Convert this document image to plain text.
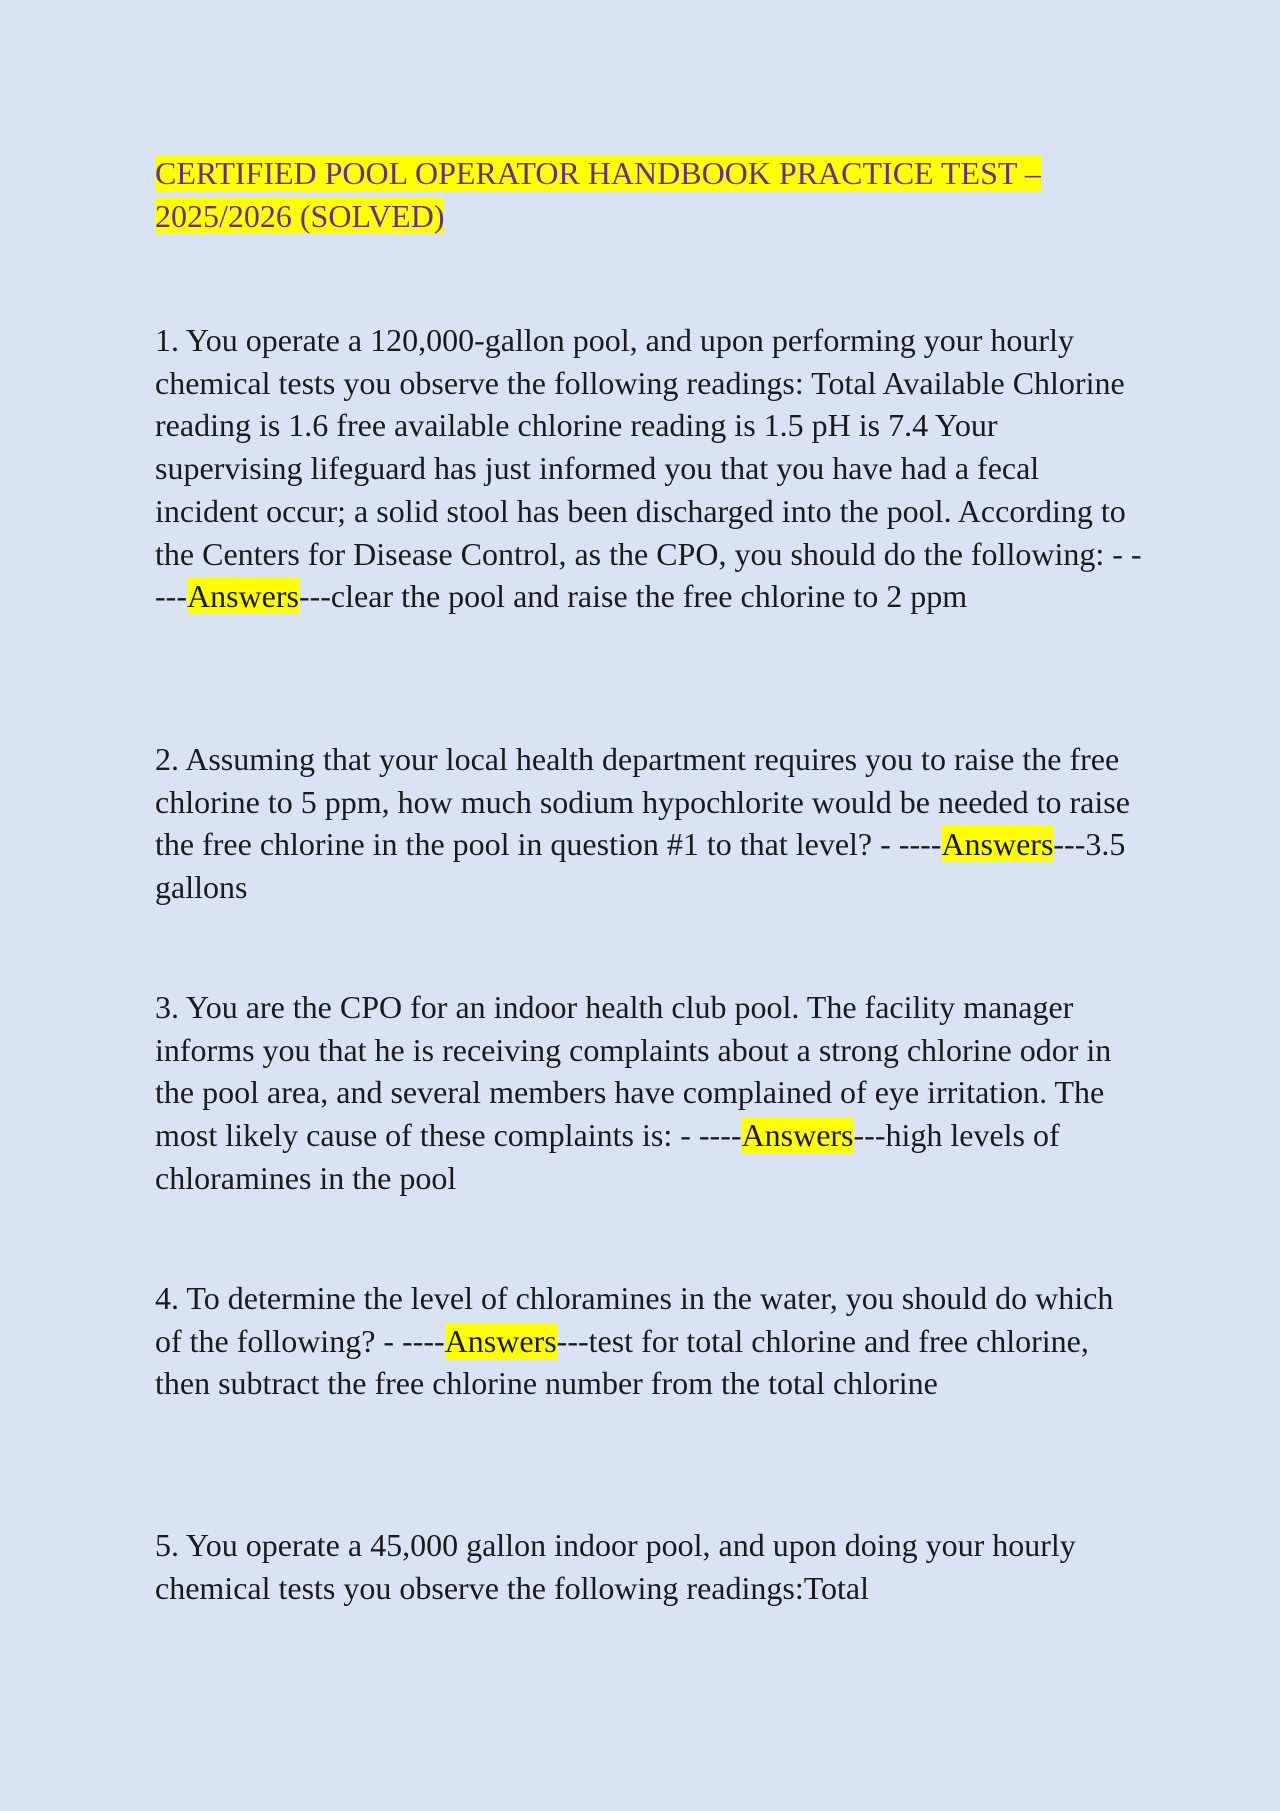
CERTIFIED POOL OPERATOR HANDBOOK PRACTICE TEST – 2025/2026 (SOLVED)

1. You operate a 120,000-gallon pool, and upon performing your hourly chemical tests you observe the following readings: Total Available Chlorine reading is 1.6 free available chlorine reading is 1.5 pH is 7.4 Your supervising lifeguard has just informed you that you have had a fecal incident occur; a solid stool has been discharged into the pool. According to the Centers for Disease Control, as the CPO, you should do the following: - ----Answers---clear the pool and raise the free chlorine to 2 ppm

2. Assuming that your local health department requires you to raise the free chlorine to 5 ppm, how much sodium hypochlorite would be needed to raise the free chlorine in the pool in question #1 to that level? - ----Answers---3.5 gallons

3. You are the CPO for an indoor health club pool. The facility manager informs you that he is receiving complaints about a strong chlorine odor in the pool area, and several members have complained of eye irritation. The most likely cause of these complaints is: - ----Answers---high levels of chloramines in the pool

4. To determine the level of chloramines in the water, you should do which of the following? - ----Answers---test for total chlorine and free chlorine, then subtract the free chlorine number from the total chlorine

5. You operate a 45,000 gallon indoor pool, and upon doing your hourly chemical tests you observe the following readings:Total
